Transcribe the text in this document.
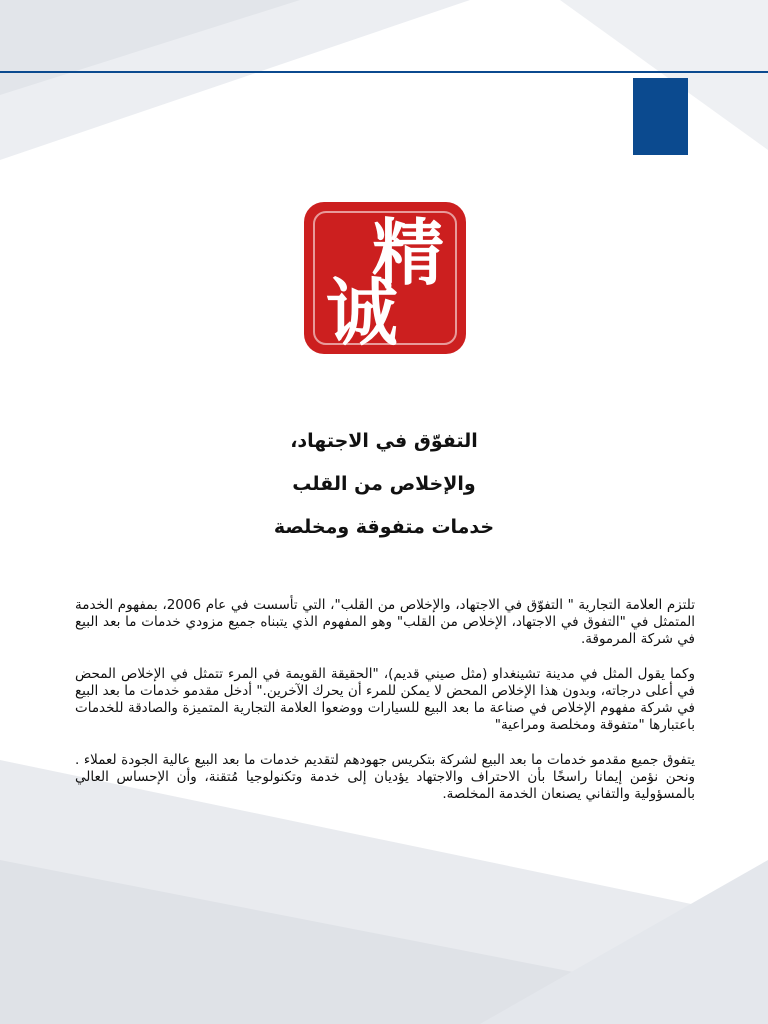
精
诚
التفوّق في الاجتهاد،
والإخلاص من القلب
خدمات متفوقة ومخلصة

تلتزم العلامة التجارية " التفوّق في الاجتهاد، والإخلاص من القلب"، التي تأسست في عام 2006، بمفهوم الخدمة المتمثل في "التفوق في الاجتهاد، الإخلاص من القلب" وهو المفهوم الذي يتبناه جميع مزودي خدمات ما بعد البيع في شركة المرموقة.

وكما يقول المثل في مدينة تشينغداو (مثل صيني قديم)، "الحقيقة القويمة في المرء تتمثل في الإخلاص المحض في أعلى درجاته، وبدون هذا الإخلاص المحض لا يمكن للمرء أن يحرك الآخرين." أدخل مقدمو خدمات ما بعد البيع في شركة مفهوم الإخلاص في صناعة ما بعد البيع للسيارات ووضعوا العلامة التجارية المتميزة والصادقة للخدمات باعتبارها "متفوقة ومخلصة ومراعية"

يتفوق جميع مقدمو خدمات ما بعد البيع لشركة بتكريس جهودهم لتقديم خدمات ما بعد البيع عالية الجودة لعملاء . ونحن نؤمن إيمانا راسخًا بأن الاحتراف والاجتهاد يؤديان إلى خدمة وتكنولوجيا مُتقنة، وأن الإحساس العالي بالمسؤولية والتفاني يصنعان الخدمة المخلصة.
